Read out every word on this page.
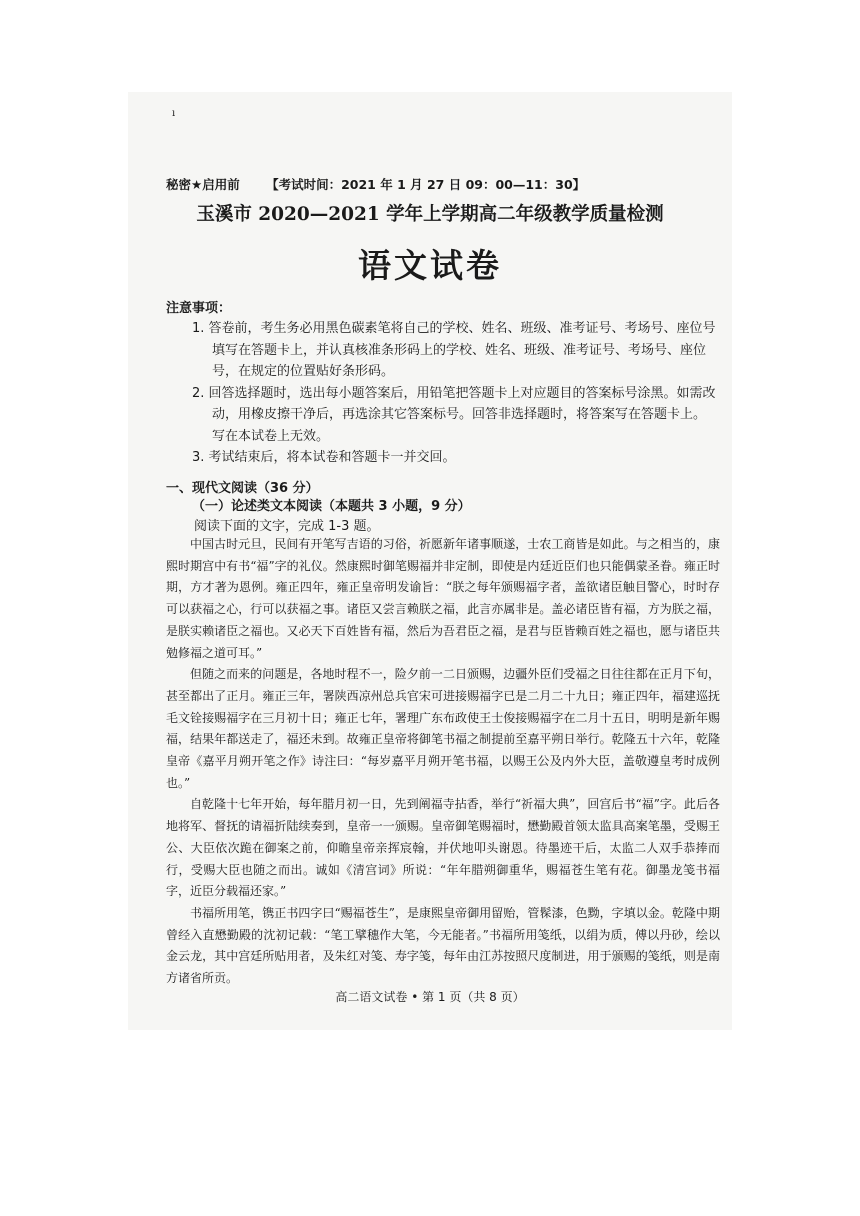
ı
秘密★启用前 【考试时间：2021 年 1 月 27 日 09：00—11：30】
玉溪市 2020—2021 学年上学期高二年级教学质量检测
语文试卷
注意事项：
1. 答卷前，考生务必用黑色碳素笔将自己的学校、姓名、班级、准考证号、考场号、座位号填写在答题卡上，并认真核准条形码上的学校、姓名、班级、准考证号、考场号、座位号，在规定的位置贴好条形码。
2. 回答选择题时，选出每小题答案后，用铅笔把答题卡上对应题目的答案标号涂黑。如需改动，用橡皮擦干净后，再选涂其它答案标号。回答非选择题时，将答案写在答题卡上。写在本试卷上无效。
3. 考试结束后，将本试卷和答题卡一并交回。
一、现代文阅读（36 分）
（一）论述类文本阅读（本题共 3 小题，9 分）
阅读下面的文字，完成 1-3 题。

中国古时元旦，民间有开笔写吉语的习俗，祈愿新年诸事顺遂，士农工商皆是如此。与之相当的，康熙时期宫中有书“福”字的礼仪。然康熙时御笔赐福并非定制，即使是内廷近臣们也只能偶蒙圣眷。雍正时期，方才著为恩例。雍正四年，雍正皇帝明发谕旨：“朕之每年颁赐福字者，盖欲诸臣触目警心，时时存可以获福之心，行可以获福之事。诸臣又尝言赖朕之福，此言亦属非是。盖必诸臣皆有福，方为朕之福，是朕实赖诸臣之福也。又必天下百姓皆有福，然后为吾君臣之福，是君与臣皆赖百姓之福也，愿与诸臣共勉修福之道可耳。”

但随之而来的问题是，各地时程不一，险夕前一二日颁赐，边疆外臣们受福之日往往都在正月下旬，甚至都出了正月。雍正三年，署陕西凉州总兵官宋可进接赐福字已是二月二十九日；雍正四年，福建巡抚毛文铨接赐福字在三月初十日；雍正七年，署理广东布政使王士俊接赐福字在二月十五日，明明是新年赐福，结果年都送走了，福还未到。故雍正皇帝将御笔书福之制提前至嘉平朔日举行。乾隆五十六年，乾隆皇帝《嘉平月朔开笔之作》诗注曰：“每岁嘉平月朔开笔书福，以赐王公及内外大臣，盖敬遵皇考时成例也。”

自乾隆十七年开始，每年腊月初一日，先到阐福寺拈香，举行“祈福大典”，回宫后书“福”字。此后各地将军、督抚的请福折陆续奏到，皇帝一一颁赐。皇帝御笔赐福时，懋勤殿首领太监具高案笔墨，受赐王公、大臣依次跪在御案之前，仰瞻皇帝亲挥宸翰，并伏地叩头谢恩。待墨迹干后，太监二人双手恭捧而行，受赐大臣也随之而出。诚如《清宫词》所说：“年年腊朔御重华，赐福苍生笔有花。御墨龙笺书福字，近臣分载福还家。”

书福所用笔，镌正书四字曰“赐福苍生”，是康熙皇帝御用留贻，管髹漆，色黝，字填以金。乾隆中期曾经入直懋勤殿的沈初记载：“笔工擘穗作大笔，今无能者。”书福所用笺纸，以绢为质，傅以丹砂，绘以金云龙，其中宫廷所贴用者，及朱红对笺、寿字笺，每年由江苏按照尺度制进，用于颁赐的笺纸，则是南方诸省所贡。

高二语文试卷 • 第 1 页（共 8 页）
